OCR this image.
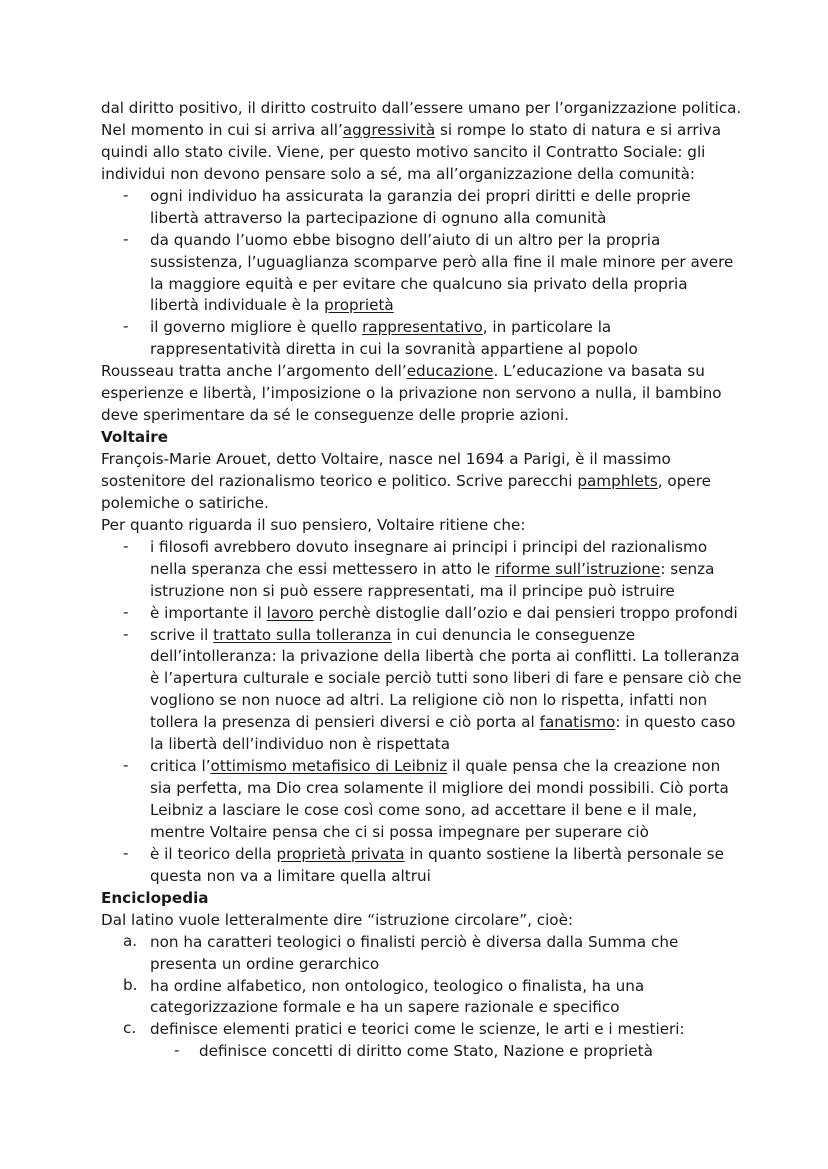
dal diritto positivo, il diritto costruito dall’essere umano per l’organizzazione politica.
Nel momento in cui si arriva all’aggressività si rompe lo stato di natura e si arriva
quindi allo stato civile. Viene, per questo motivo sancito il Contratto Sociale: gli
individui non devono pensare solo a sé, ma all’organizzazione della comunità:
- ogni individuo ha assicurata la garanzia dei propri diritti e delle proprie
libertà attraverso la partecipazione di ognuno alla comunità
- da quando l’uomo ebbe bisogno dell’aiuto di un altro per la propria
sussistenza, l’uguaglianza scomparve però alla fine il male minore per avere
la maggiore equità e per evitare che qualcuno sia privato della propria
libertà individuale è la proprietà
- il governo migliore è quello rappresentativo, in particolare la
rappresentatività diretta in cui la sovranità appartiene al popolo
Rousseau tratta anche l’argomento dell’educazione. L’educazione va basata su
esperienze e libertà, l’imposizione o la privazione non servono a nulla, il bambino
deve sperimentare da sé le conseguenze delle proprie azioni.
Voltaire
François-Marie Arouet, detto Voltaire, nasce nel 1694 a Parigi, è il massimo
sostenitore del razionalismo teorico e politico. Scrive parecchi pamphlets, opere
polemiche o satiriche.
Per quanto riguarda il suo pensiero, Voltaire ritiene che:
- i filosofi avrebbero dovuto insegnare ai principi i principi del razionalismo
nella speranza che essi mettessero in atto le riforme sull’istruzione: senza
istruzione non si può essere rappresentati, ma il principe può istruire
- è importante il lavoro perchè distoglie dall’ozio e dai pensieri troppo profondi
- scrive il trattato sulla tolleranza in cui denuncia le conseguenze
dell’intolleranza: la privazione della libertà che porta ai conflitti. La tolleranza
è l’apertura culturale e sociale perciò tutti sono liberi di fare e pensare ciò che
vogliono se non nuoce ad altri. La religione ciò non lo rispetta, infatti non
tollera la presenza di pensieri diversi e ciò porta al fanatismo: in questo caso
la libertà dell’individuo non è rispettata
- critica l’ottimismo metafisico di Leibniz il quale pensa che la creazione non
sia perfetta, ma Dio crea solamente il migliore dei mondi possibili. Ciò porta
Leibniz a lasciare le cose così come sono, ad accettare il bene e il male,
mentre Voltaire pensa che ci si possa impegnare per superare ciò
- è il teorico della proprietà privata in quanto sostiene la libertà personale se
questa non va a limitare quella altrui
Enciclopedia
Dal latino vuole letteralmente dire “istruzione circolare”, cioè:
a. non ha caratteri teologici o finalisti perciò è diversa dalla Summa che
presenta un ordine gerarchico
b. ha ordine alfabetico, non ontologico, teologico o finalista, ha una
categorizzazione formale e ha un sapere razionale e specifico
c. definisce elementi pratici e teorici come le scienze, le arti e i mestieri:
- definisce concetti di diritto come Stato, Nazione e proprietà
